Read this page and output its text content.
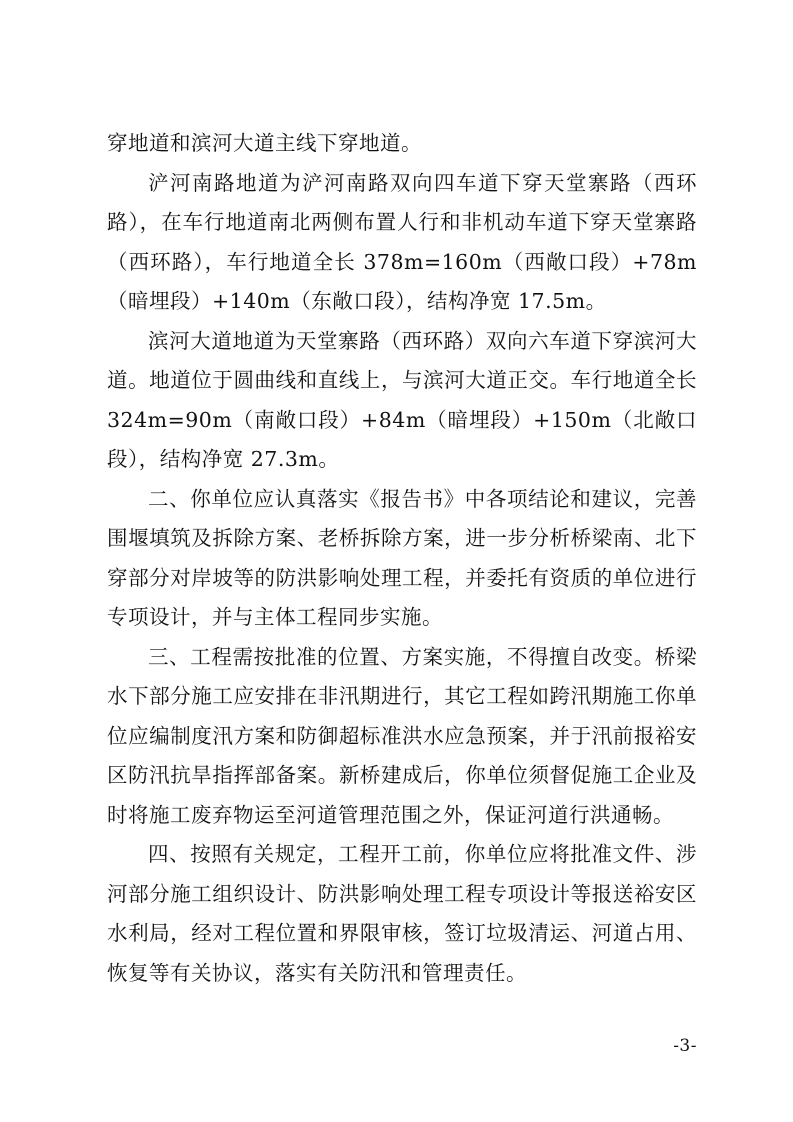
穿地道和滨河大道主线下穿地道。

浐河南路地道为浐河南路双向四车道下穿天堂寨路（西环路），在车行地道南北两侧布置人行和非机动车道下穿天堂寨路（西环路），车行地道全长 378m=160m（西敞口段）+78m（暗埋段）+140m（东敞口段），结构净宽 17.5m。

滨河大道地道为天堂寨路（西环路）双向六车道下穿滨河大道。地道位于圆曲线和直线上，与滨河大道正交。车行地道全长 324m=90m（南敞口段）+84m（暗埋段）+150m（北敞口段），结构净宽 27.3m。

二、你单位应认真落实《报告书》中各项结论和建议，完善围堰填筑及拆除方案、老桥拆除方案，进一步分析桥梁南、北下穿部分对岸坡等的防洪影响处理工程，并委托有资质的单位进行专项设计，并与主体工程同步实施。

三、工程需按批准的位置、方案实施，不得擅自改变。桥梁水下部分施工应安排在非汛期进行，其它工程如跨汛期施工你单位应编制度汛方案和防御超标准洪水应急预案，并于汛前报裕安区防汛抗旱指挥部备案。新桥建成后，你单位须督促施工企业及时将施工废弃物运至河道管理范围之外，保证河道行洪通畅。

四、按照有关规定，工程开工前，你单位应将批准文件、涉河部分施工组织设计、防洪影响处理工程专项设计等报送裕安区水利局，经对工程位置和界限审核，签订垃圾清运、河道占用、恢复等有关协议，落实有关防汛和管理责任。

-3-
